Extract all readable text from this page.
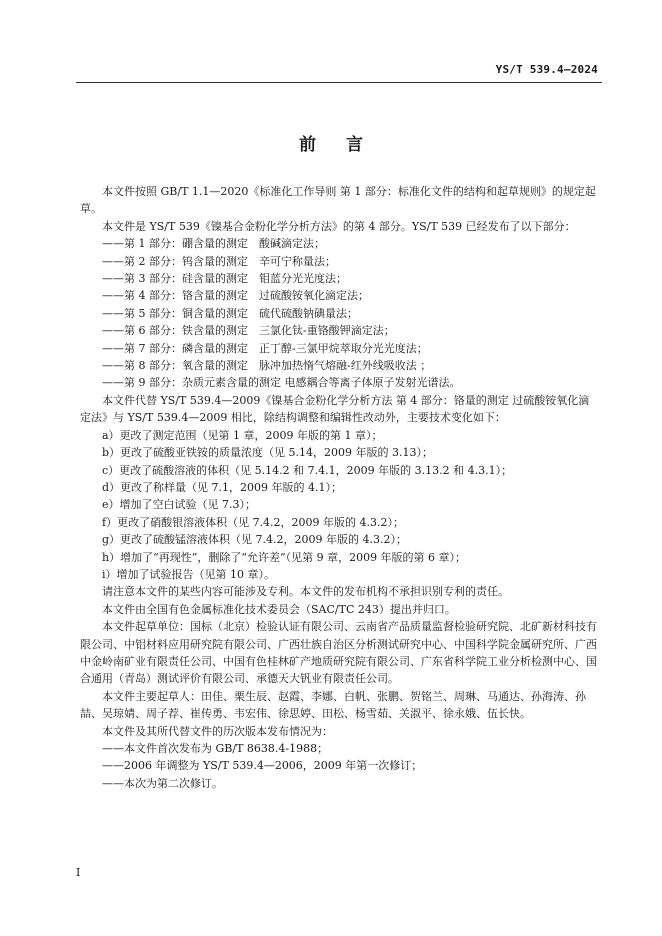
YS/T 539.4—2024
前言

本文件按照 GB/T 1.1—2020《标准化工作导则 第 1 部分：标准化文件的结构和起草规则》的规定起草。

本文件是 YS/T 539《镍基合金粉化学分析方法》的第 4 部分。YS/T 539 已经发布了以下部分：

——第 1 部分：硼含量的测定　酸碱滴定法；

——第 2 部分：钨含量的测定　辛可宁称量法；

——第 3 部分：硅含量的测定　钼蓝分光光度法；

——第 4 部分：铬含量的测定　过硫酸铵氧化滴定法；

——第 5 部分：铜含量的测定　硫代硫酸钠碘量法；

——第 6 部分：铁含量的测定　三氯化钛-重铬酸钾滴定法；

——第 7 部分：磷含量的测定　正丁醇-三氯甲烷萃取分光光度法；

——第 8 部分：氧含量的测定　脉冲加热惰气熔融-红外线吸收法 ；

——第 9 部分：杂质元素含量的测定 电感耦合等离子体原子发射光谱法。

本文件代替 YS/T 539.4—2009《镍基合金粉化学分析方法 第 4 部分：铬量的测定 过硫酸铵氧化滴定法》与 YS/T 539.4—2009 相比，除结构调整和编辑性改动外，主要技术变化如下：

a）更改了测定范围（见第 1 章，2009 年版的第 1 章）；

b）更改了硫酸亚铁铵的质量浓度（见 5.14，2009 年版的 3.13）；

c）更改了硫酸溶液的体积（见 5.14.2 和 7.4.1，2009 年版的 3.13.2 和 4.3.1）；

d）更改了称样量（见 7.1，2009 年版的 4.1）；

e）增加了空白试验（见 7.3）；

f）更改了硝酸银溶液体积（见 7.4.2，2009 年版的 4.3.2）；

g）更改了硫酸锰溶液体积（见 7.4.2，2009 年版的 4.3.2）；

h）增加了“再现性”，删除了“允许差”（见第 9 章，2009 年版的第 6 章）；

i）增加了试验报告（见第 10 章）。

请注意本文件的某些内容可能涉及专利。本文件的发布机构不承担识别专利的责任。

本文件由全国有色金属标准化技术委员会（SAC/TC 243）提出并归口。

本文件起草单位：国标（北京）检验认证有限公司、云南省产品质量监督检验研究院、北矿新材科技有限公司、中铝材料应用研究院有限公司、广西壮族自治区分析测试研究中心、中国科学院金属研究所、广西中金岭南矿业有限责任公司、中国有色桂林矿产地质研究院有限公司、广东省科学院工业分析检测中心、国合通用（青岛）测试评价有限公司、承德天大钒业有限责任公司。

本文件主要起草人：田佳、栗生辰、赵霞、李娜、白帆、张鹏、贺铭兰、周琳、马通达、孙海涛、孙喆、吴琼婧、周子荐、崔传勇、韦宏伟、徐思婷、田松、杨雪茹、关淑平、徐永娥、伍长快。

本文件及其所代替文件的历次版本发布情况为：

——本文件首次发布为 GB/T 8638.4-1988；

——2006 年调整为 YS/T 539.4—2006，2009 年第一次修订；

——本次为第二次修订。

I
